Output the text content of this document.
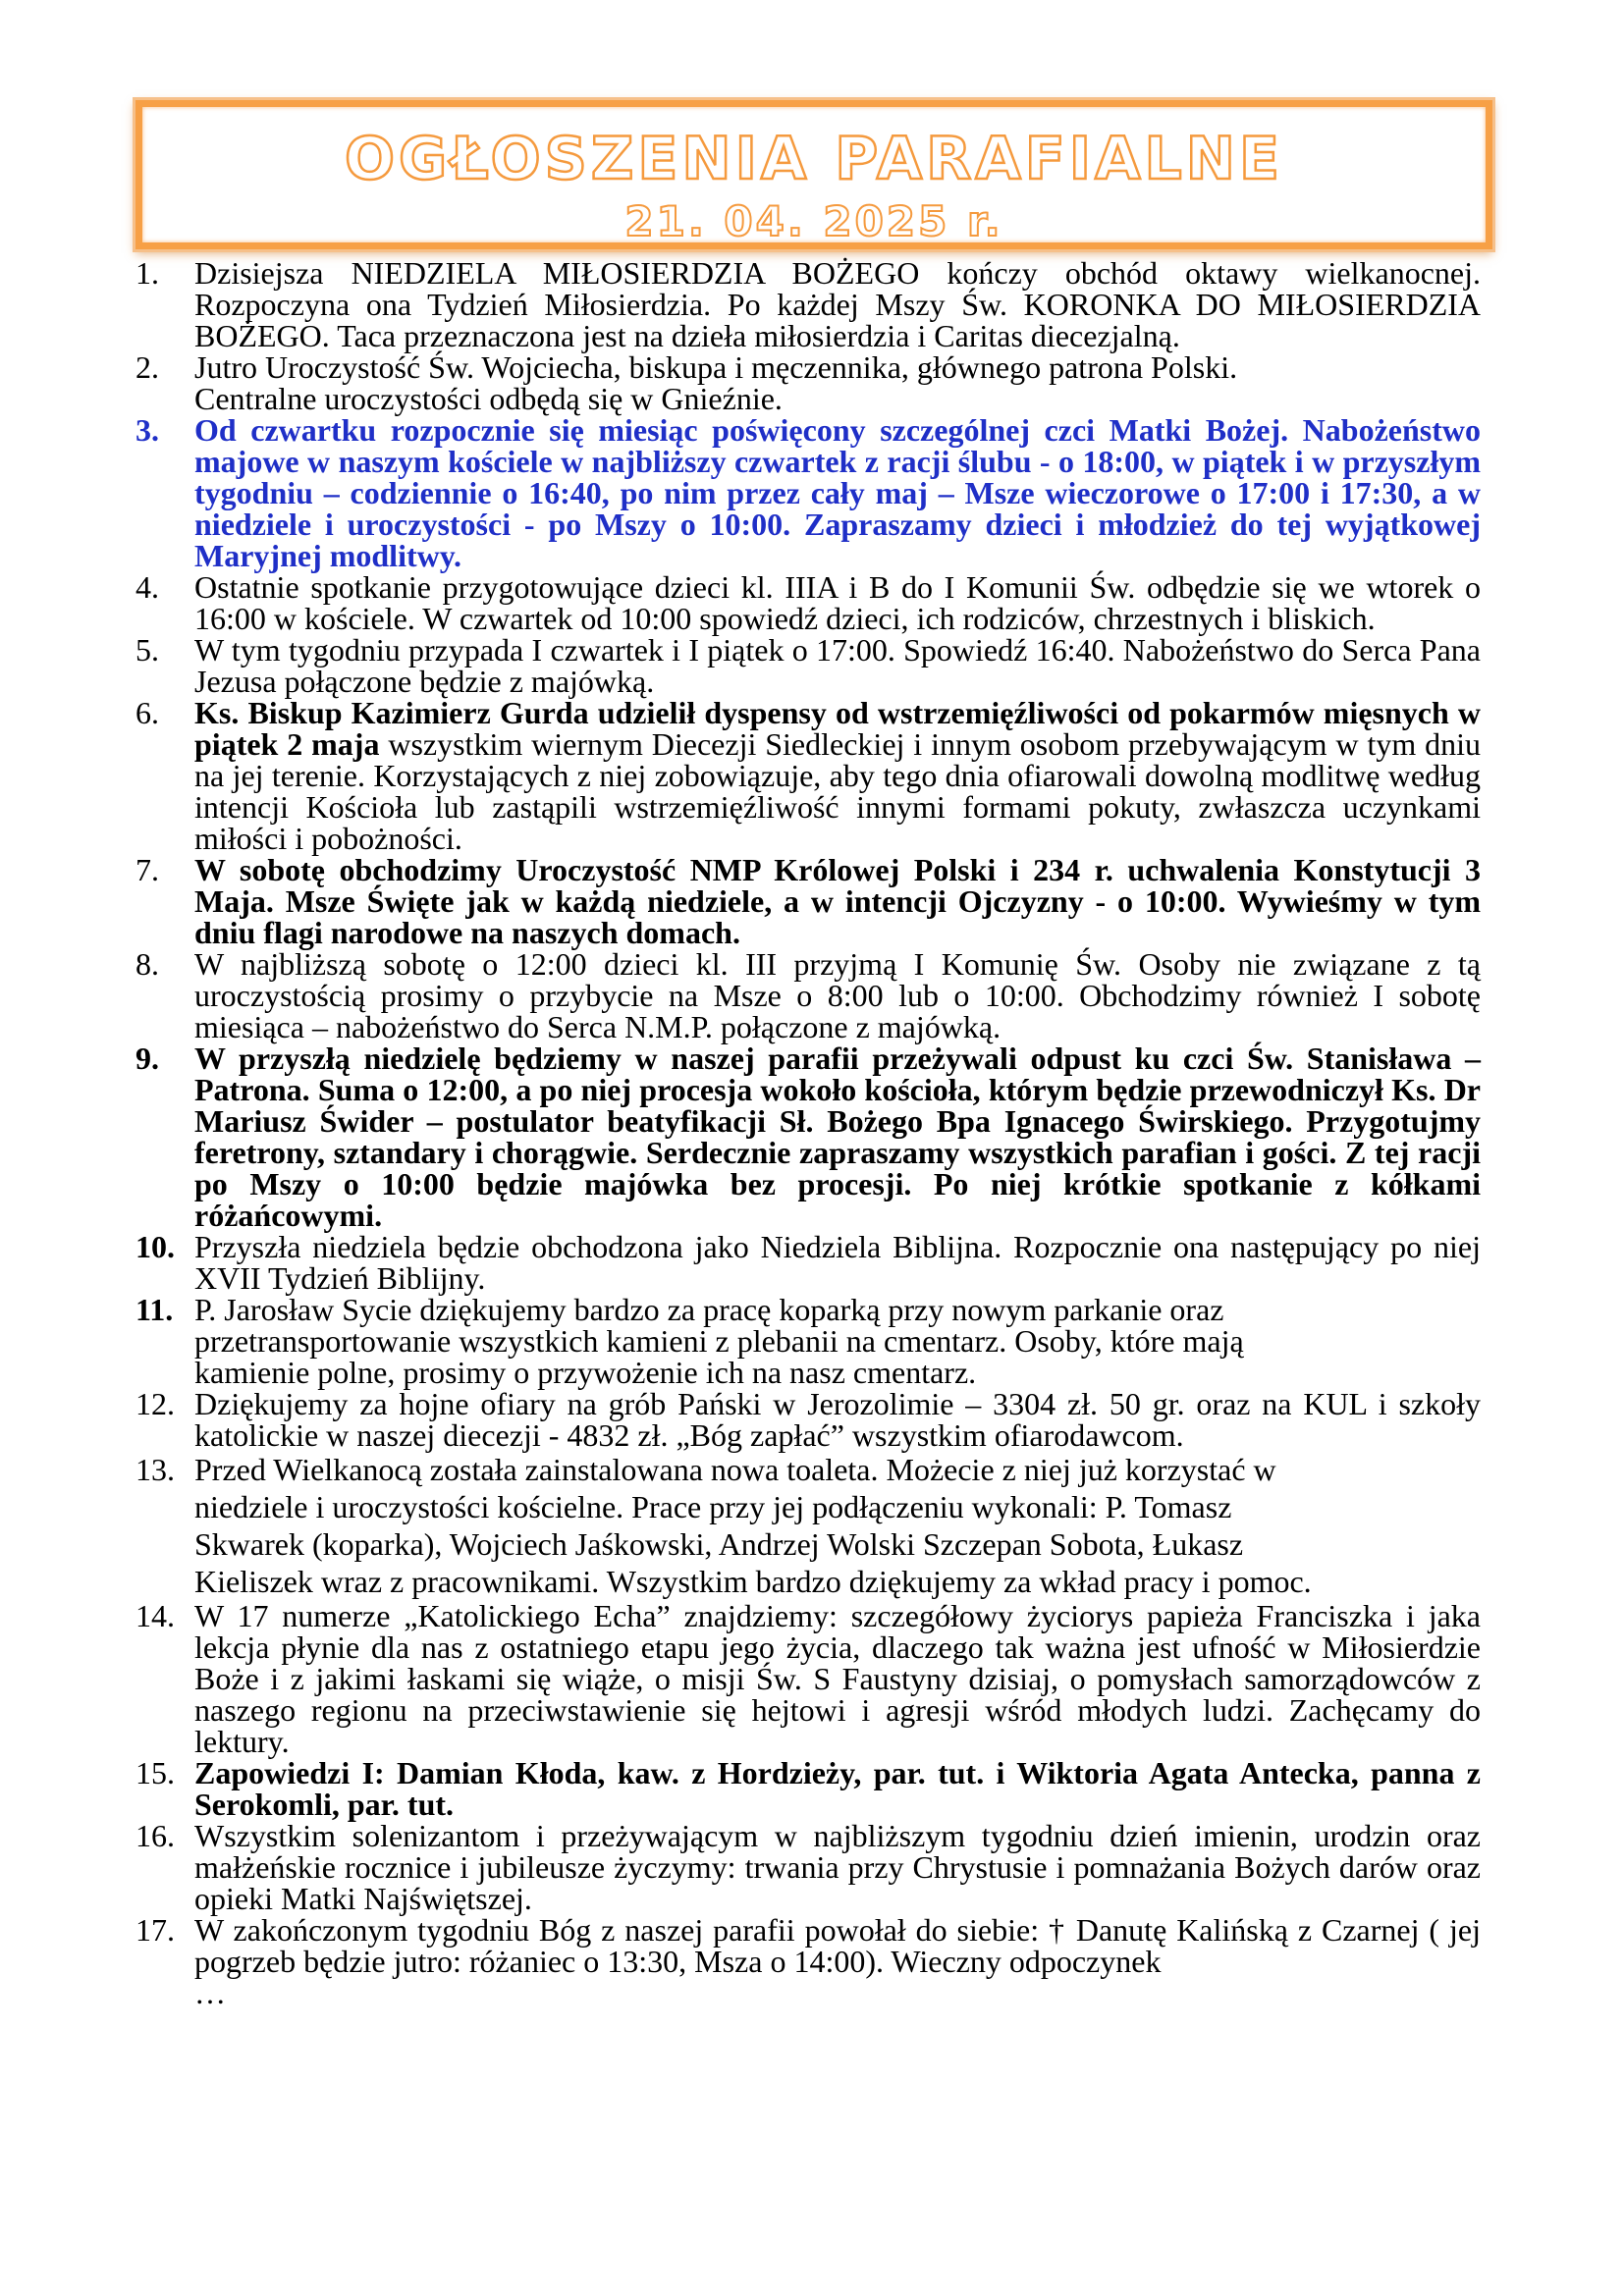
OGŁOSZENIA PARAFIALNE
21. 04. 2025 r.
1.	Dzisiejsza NIEDZIELA MIŁOSIERDZIA BOŻEGO kończy obchód oktawy wielkanocnej. Rozpoczyna ona Tydzień Miłosierdzia. Po każdej Mszy Św. KORONKA DO MIŁOSIERDZIA BOŻEGO. Taca przeznaczona jest na dzieła miłosierdzia i Caritas diecezjalną.
2.	Jutro Uroczystość Św. Wojciecha, biskupa i męczennika, głównego patrona Polski.
Centralne uroczystości odbędą się w Gnieźnie.
3.	Od czwartku rozpocznie się miesiąc poświęcony szczególnej czci Matki Bożej. Nabożeństwo majowe w naszym kościele w najbliższy czwartek z racji ślubu - o 18:00, w piątek i w przyszłym tygodniu – codziennie o 16:40, po nim przez cały maj – Msze wieczorowe o 17:00 i 17:30, a w niedziele i uroczystości - po Mszy o 10:00. Zapraszamy dzieci i młodzież do tej wyjątkowej Maryjnej modlitwy.
4.	Ostatnie spotkanie przygotowujące dzieci kl. IIIA i B do I Komunii Św. odbędzie się we wtorek o 16:00 w kościele. W czwartek od 10:00 spowiedź dzieci, ich rodziców, chrzestnych i bliskich.
5.	W tym tygodniu przypada I czwartek i I piątek o 17:00. Spowiedź 16:40. Nabożeństwo do Serca Pana Jezusa połączone będzie z majówką.
6.	Ks. Biskup Kazimierz Gurda udzielił dyspensy od wstrzemięźliwości od pokarmów mięsnych w piątek 2 maja wszystkim wiernym Diecezji Siedleckiej i innym osobom przebywającym w tym dniu na jej terenie. Korzystających z niej zobowiązuje, aby tego dnia ofiarowali dowolną modlitwę według intencji Kościoła lub zastąpili wstrzemięźliwość innymi formami pokuty, zwłaszcza uczynkami miłości i pobożności.
7.	W sobotę obchodzimy Uroczystość NMP Królowej Polski i 234 r. uchwalenia Konstytucji 3 Maja. Msze Święte jak w każdą niedziele, a w intencji Ojczyzny - o 10:00. Wywieśmy w tym dniu flagi narodowe na naszych domach.
8.	W najbliższą sobotę o 12:00 dzieci kl. III przyjmą I Komunię Św. Osoby nie związane z tą uroczystością prosimy o przybycie na Msze o 8:00 lub o 10:00. Obchodzimy również I sobotę miesiąca – nabożeństwo do Serca N.M.P. połączone z majówką.
9.	W przyszłą niedzielę będziemy w naszej parafii przeżywali odpust ku czci Św. Stanisława – Patrona. Suma o 12:00, a po niej procesja wokoło kościoła, którym będzie przewodniczył Ks. Dr Mariusz Świder – postulator beatyfikacji Sł. Bożego Bpa Ignacego Świrskiego. Przygotujmy feretrony, sztandary i chorągwie. Serdecznie zapraszamy wszystkich parafian i gości. Z tej racji po Mszy o 10:00 będzie majówka bez procesji. Po niej krótkie spotkanie z kółkami różańcowymi.
10. Przyszła niedziela będzie obchodzona jako Niedziela Biblijna. Rozpocznie ona następujący po niej XVII Tydzień Biblijny.
11. P. Jarosław Sycie dziękujemy bardzo za pracę koparką przy nowym parkanie oraz
przetransportowanie wszystkich kamieni z plebanii na cmentarz. Osoby, które mają
kamienie polne, prosimy o przywożenie ich na nasz cmentarz.
12. Dziękujemy za hojne ofiary na grób Pański w Jerozolimie – 3304 zł. 50 gr. oraz na KUL i szkoły katolickie w naszej diecezji - 4832 zł. „Bóg zapłać” wszystkim ofiarodawcom.
13. Przed Wielkanocą została zainstalowana nowa toaleta. Możecie z niej już korzystać w
niedziele i uroczystości kościelne. Prace przy jej podłączeniu wykonali: P. Tomasz
Skwarek (koparka), Wojciech Jaśkowski, Andrzej Wolski Szczepan Sobota, Łukasz
Kieliszek wraz z pracownikami. Wszystkim bardzo dziękujemy za wkład pracy i pomoc.
14. W 17 numerze „Katolickiego Echa” znajdziemy: szczegółowy życiorys papieża Franciszka i jaka lekcja płynie dla nas z ostatniego etapu jego życia, dlaczego tak ważna jest ufność w Miłosierdzie Boże i z jakimi łaskami się wiąże, o misji Św. S Faustyny dzisiaj, o pomysłach samorządowców z naszego regionu na przeciwstawienie się hejtowi i agresji wśród młodych ludzi. Zachęcamy do lektury.
15. Zapowiedzi I: Damian Kłoda, kaw. z Hordzieży, par. tut. i Wiktoria Agata Antecka, panna z Serokomli, par. tut.
16. Wszystkim solenizantom i przeżywającym w najbliższym tygodniu dzień imienin, urodzin oraz małżeńskie rocznice i jubileusze życzymy: trwania przy Chrystusie i pomnażania Bożych darów oraz opieki Matki Najświętszej.
17. W zakończonym tygodniu Bóg z naszej parafii powołał do siebie: † Danutę Kalińską z Czarnej ( jej pogrzeb będzie jutro: różaniec o 13:30, Msza o 14:00). Wieczny odpoczynek
…
